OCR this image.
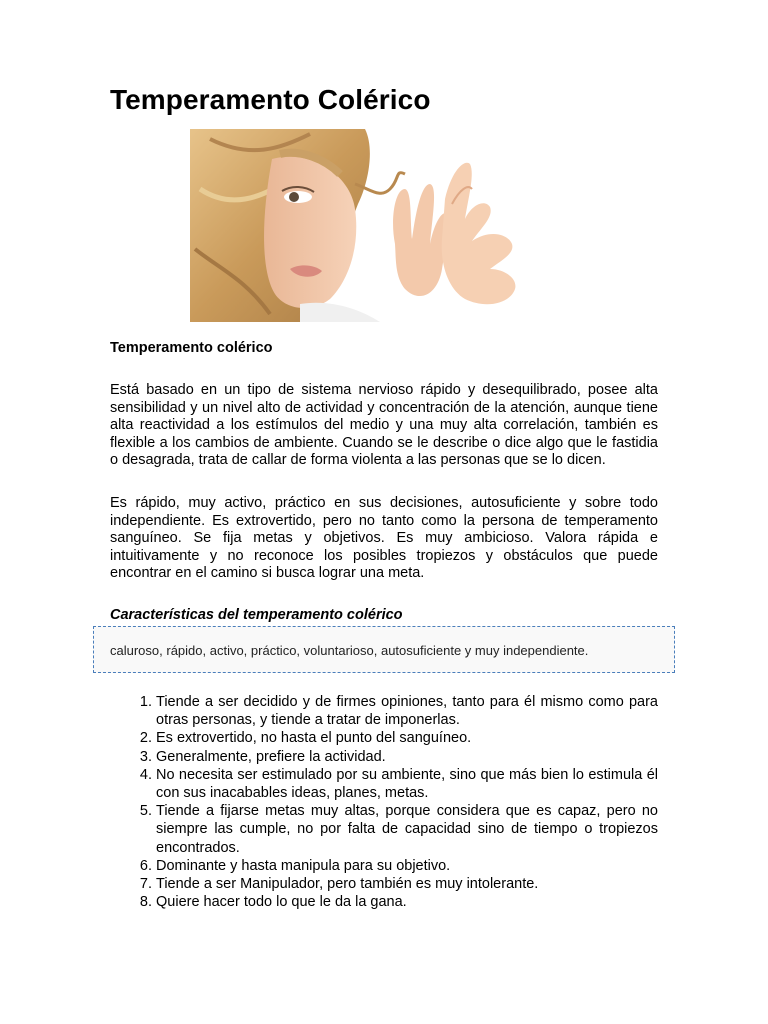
Temperamento Colérico
Temperamento colérico

Está basado en un tipo de sistema nervioso rápido y desequilibrado, posee alta sensibilidad y un nivel alto de actividad y concentración de la atención, aunque tiene alta reactividad a los estímulos del medio y una muy alta correlación, también es flexible a los cambios de ambiente. Cuando se le describe o dice algo que le fastidia o desagrada, trata de callar de forma violenta a las personas que se lo dicen.

Es rápido, muy activo, práctico en sus decisiones, autosuficiente y sobre todo independiente. Es extrovertido, pero no tanto como la persona de temperamento sanguíneo. Se fija metas y objetivos. Es muy ambicioso. Valora rápida e intuitivamente y no reconoce los posibles tropiezos y obstáculos que puede encontrar en el camino si busca lograr una meta.

Características del temperamento colérico
caluroso, rápido, activo, práctico, voluntarioso, autosuficiente y muy independiente.
1. Tiende a ser decidido y de firmes opiniones, tanto para él mismo como para otras personas, y tiende a tratar de imponerlas.
2. Es extrovertido, no hasta el punto del sanguíneo.
3. Generalmente, prefiere la actividad.
4. No necesita ser estimulado por su ambiente, sino que más bien lo estimula él con sus inacabables ideas, planes, metas.
5. Tiende a fijarse metas muy altas, porque considera que es capaz, pero no siempre las cumple, no por falta de capacidad sino de tiempo o tropiezos encontrados.
6. Dominante y hasta manipula para su objetivo.
7. Tiende a ser Manipulador, pero también es muy intolerante.
8. Quiere hacer todo lo que le da la gana.
